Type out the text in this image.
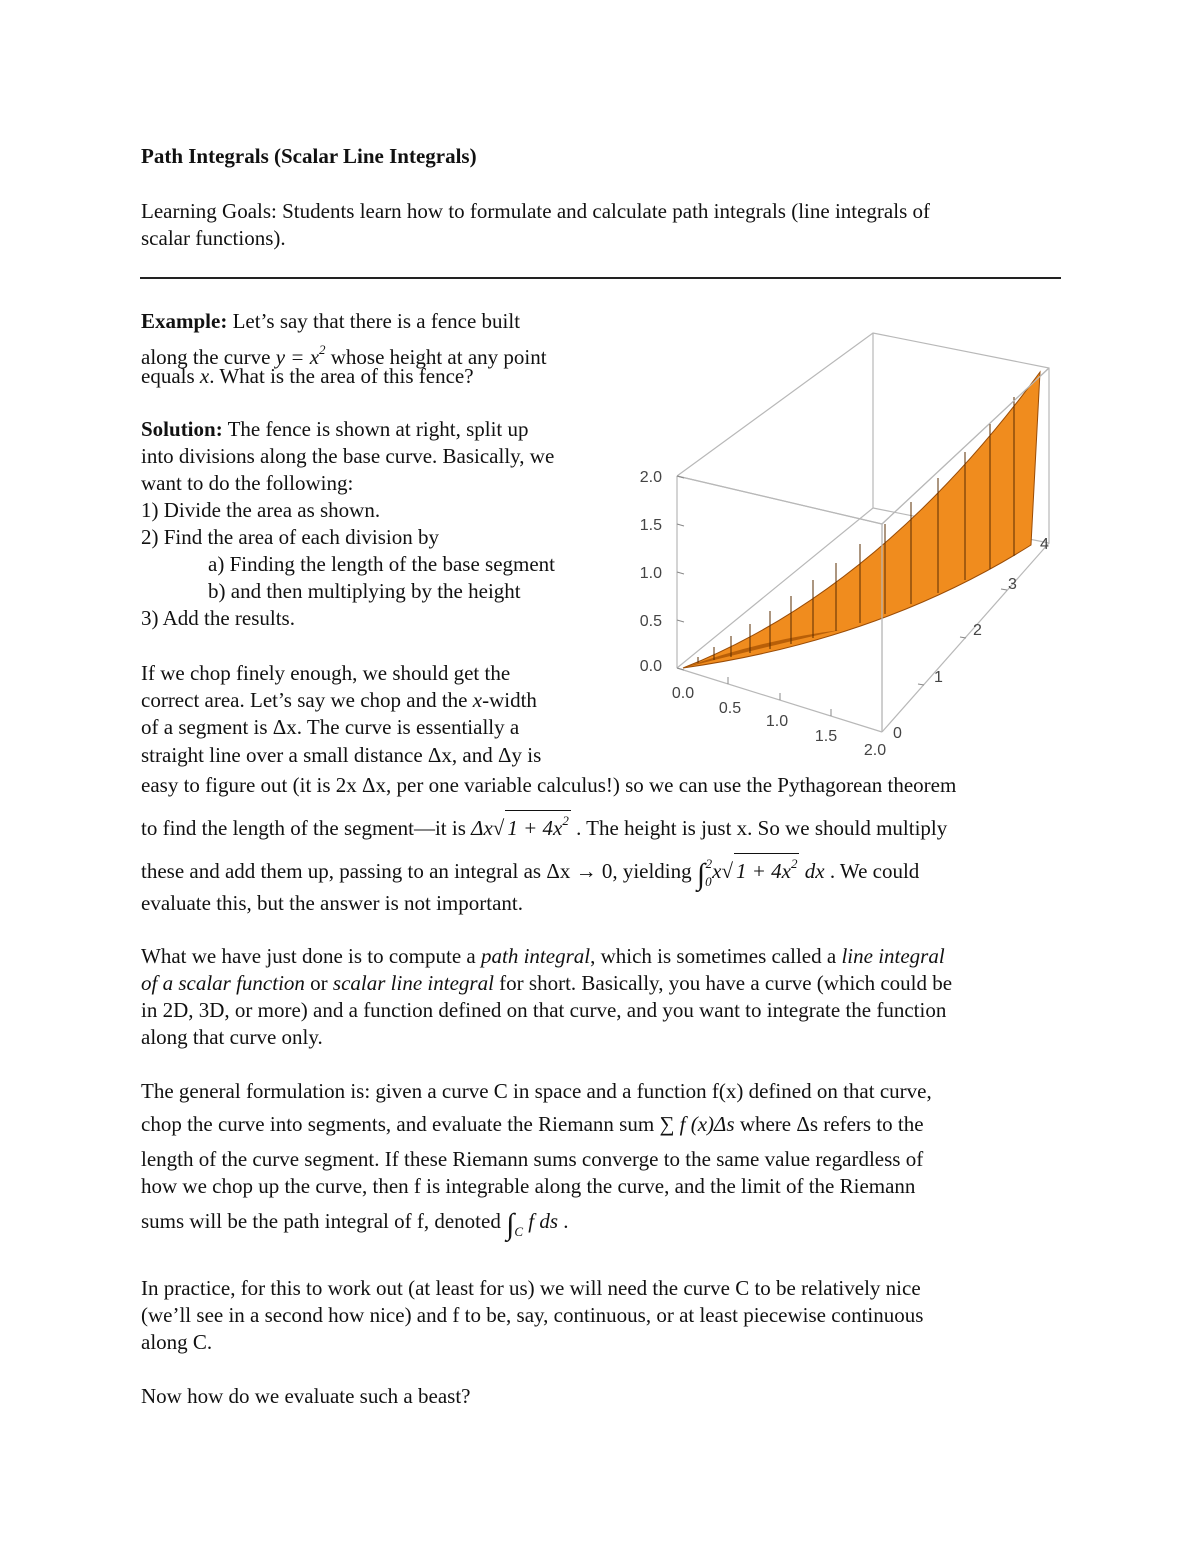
Path Integrals (Scalar Line Integrals)
Learning Goals: Students learn how to formulate and calculate path integrals (line integrals of
scalar functions).
Example: Let’s say that there is a fence built
along the curve $y = x^2$ whose height at any point
equals x. What is the area of this fence?
Solution: The fence is shown at right, split up
into divisions along the base curve. Basically, we
want to do the following:
1) Divide the area as shown.
2) Find the area of each division by
a) Finding the length of the base segment
b) and then multiplying by the height
3) Add the results.
If we chop finely enough, we should get the
correct area. Let’s say we chop and the x-width
of a segment is Δx. The curve is essentially a
straight line over a small distance Δx, and Δy is
easy to figure out (it is 2x Δx, per one variable calculus!) so we can use the Pythagorean theorem
to find the length of the segment—it is Δx√ $1 + 4x^2$ . The height is just x. So we should multiply
these and add them up, passing to an integral as Δx → 0, yielding $\int_0^2x√$ $1 + 4x^2$ dx . We could
evaluate this, but the answer is not important.
What we have just done is to compute a path integral, which is sometimes called a line integral
of a scalar function or scalar line integral for short. Basically, you have a curve (which could be
in 2D, 3D, or more) and a function defined on that curve, and you want to integrate the function
along that curve only.
The general formulation is: given a curve C in space and a function f(x) defined on that curve,
chop the curve into segments, and evaluate the Riemann sum ∑ f (x)Δs where Δs refers to the
length of the curve segment. If these Riemann sums converge to the same value regardless of
how we chop up the curve, then f is integrable along the curve, and the limit of the Riemann
sums will be the path integral of f, denoted $\int_C$ f ds .
In practice, for this to work out (at least for us) we will need the curve C to be relatively nice
(we’ll see in a second how nice) and f to be, say, continuous, or at least piecewise continuous
along C.
Now how do we evaluate such a beast?
2.0
1.5
1.0
0.5
0.0
0.0
0.5
1.0
1.5
2.0
0
1
2
3
4
